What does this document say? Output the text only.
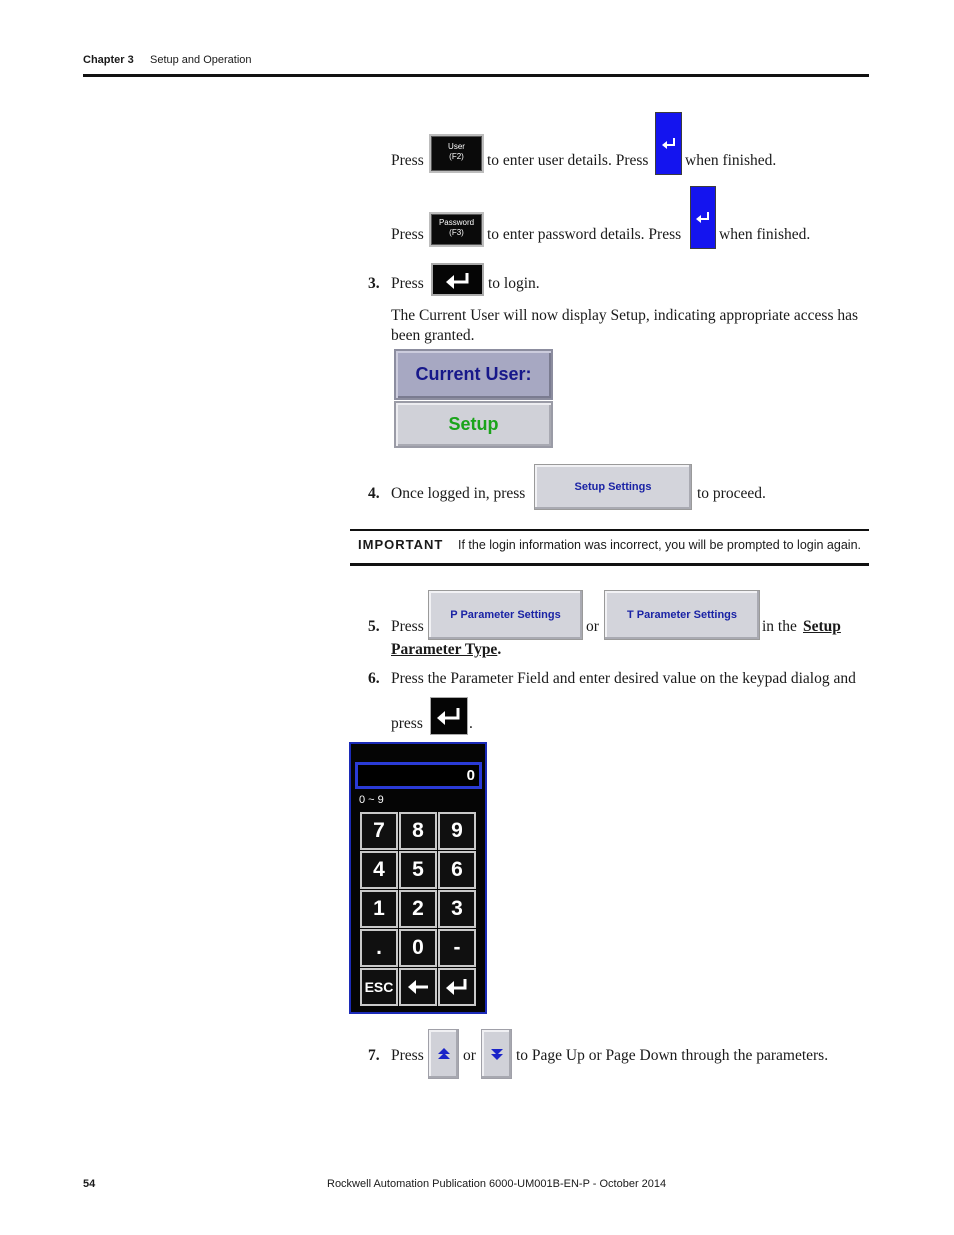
Chapter 3 Setup and Operation
Press
User
(F2)	to enter user details. Press when finished.
Press
Password
(F3)	to enter password details. Press when finished.
3. Press	to login.
The Current User will now display Setup, indicating appropriate access has
been granted.
Current User:
Setup
4. Once logged in, press	Setup Settings	to proceed.
IMPORTANT If the login information was incorrect, you will be prompted to login again.
5. Press
P Parameter Settings
or
T Parameter Settings
in the Setup
Parameter Type.
6. Press the Parameter Field and enter desired value on the keypad dialog and
press	.
0
0 ~ 9
7	8	9
4	5	6
1	2	3
.	0	-
ESC
7. Press	or	to Page Up or Page Down through the parameters.
54	Rockwell Automation Publication 6000-UM001B-EN-P - October 2014
